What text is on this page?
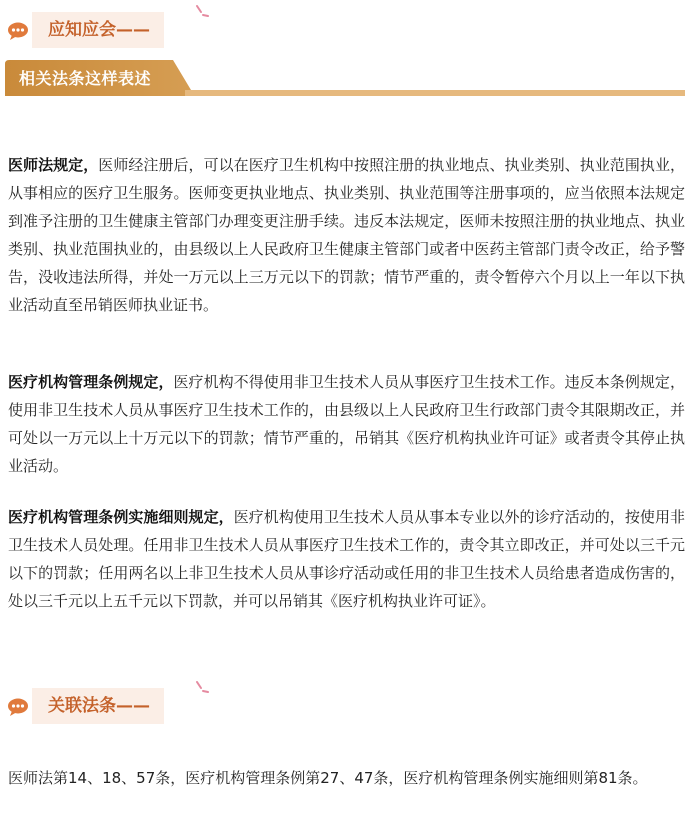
应知应会——
相关法条这样表述

医师法规定，医师经注册后，可以在医疗卫生机构中按照注册的执业地点、执业类别、执业范围执业，从事相应的医疗卫生服务。医师变更执业地点、执业类别、执业范围等注册事项的，应当依照本法规定到准予注册的卫生健康主管部门办理变更注册手续。违反本法规定，医师未按照注册的执业地点、执业类别、执业范围执业的，由县级以上人民政府卫生健康主管部门或者中医药主管部门责令改正，给予警告，没收违法所得，并处一万元以上三万元以下的罚款；情节严重的，责令暂停六个月以上一年以下执业活动直至吊销医师执业证书。

医疗机构管理条例规定，医疗机构不得使用非卫生技术人员从事医疗卫生技术工作。违反本条例规定，使用非卫生技术人员从事医疗卫生技术工作的，由县级以上人民政府卫生行政部门责令其限期改正，并可处以一万元以上十万元以下的罚款；情节严重的，吊销其《医疗机构执业许可证》或者责令其停止执业活动。

医疗机构管理条例实施细则规定，医疗机构使用卫生技术人员从事本专业以外的诊疗活动的，按使用非卫生技术人员处理。任用非卫生技术人员从事医疗卫生技术工作的，责令其立即改正，并可处以三千元以下的罚款；任用两名以上非卫生技术人员从事诊疗活动或任用的非卫生技术人员给患者造成伤害的，处以三千元以上五千元以下罚款，并可以吊销其《医疗机构执业许可证》。

关联法条——

医师法第14、18、57条，医疗机构管理条例第27、47条，医疗机构管理条例实施细则第81条。
